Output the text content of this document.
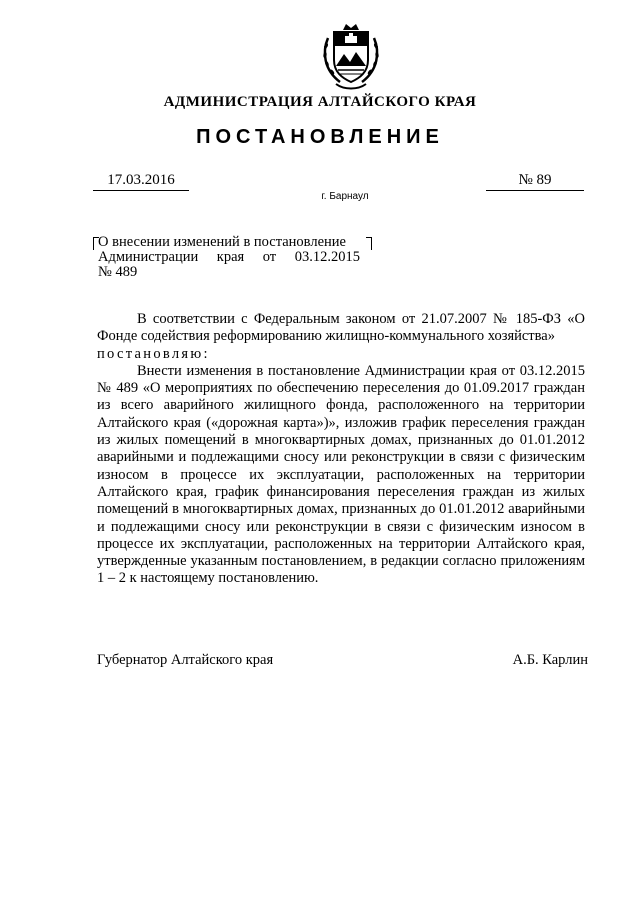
АДМИНИСТРАЦИЯ АЛТАЙСКОГО КРАЯ
ПОСТАНОВЛЕНИЕ
17.03.2016	№ 89
г. Барнаул
О внесении изменений в постановление
Администрации края от 03.12.2015
№ 489

В соответствии с Федеральным законом от 21.07.2007 № 185-ФЗ «О Фонде содействия реформированию жилищно-коммунального хозяйства»

постановляю:

Внести изменения в постановление Администрации края от 03.12.2015 № 489 «О мероприятиях по обеспечению переселения до 01.09.2017 граждан из всего аварийного жилищного фонда, расположенного на территории Алтайского края («дорожная карта»)», изложив график переселения граждан из жилых помещений в многоквартирных домах, признанных до 01.01.2012 аварийными и подлежащими сносу или реконструкции в связи с физическим износом в процессе их эксплуатации, расположенных на территории Алтайского края, график финансирования переселения граждан из жилых помещений в многоквартирных домах, признанных до 01.01.2012 аварийными и подлежащими сносу или реконструкции в связи с физическим износом в процессе их эксплуатации, расположенных на территории Алтайского края, утвержденные указанным постановлением, в редакции согласно приложениям 1 – 2 к настоящему постановлению.

Губернатор Алтайского края	А.Б. Карлин
